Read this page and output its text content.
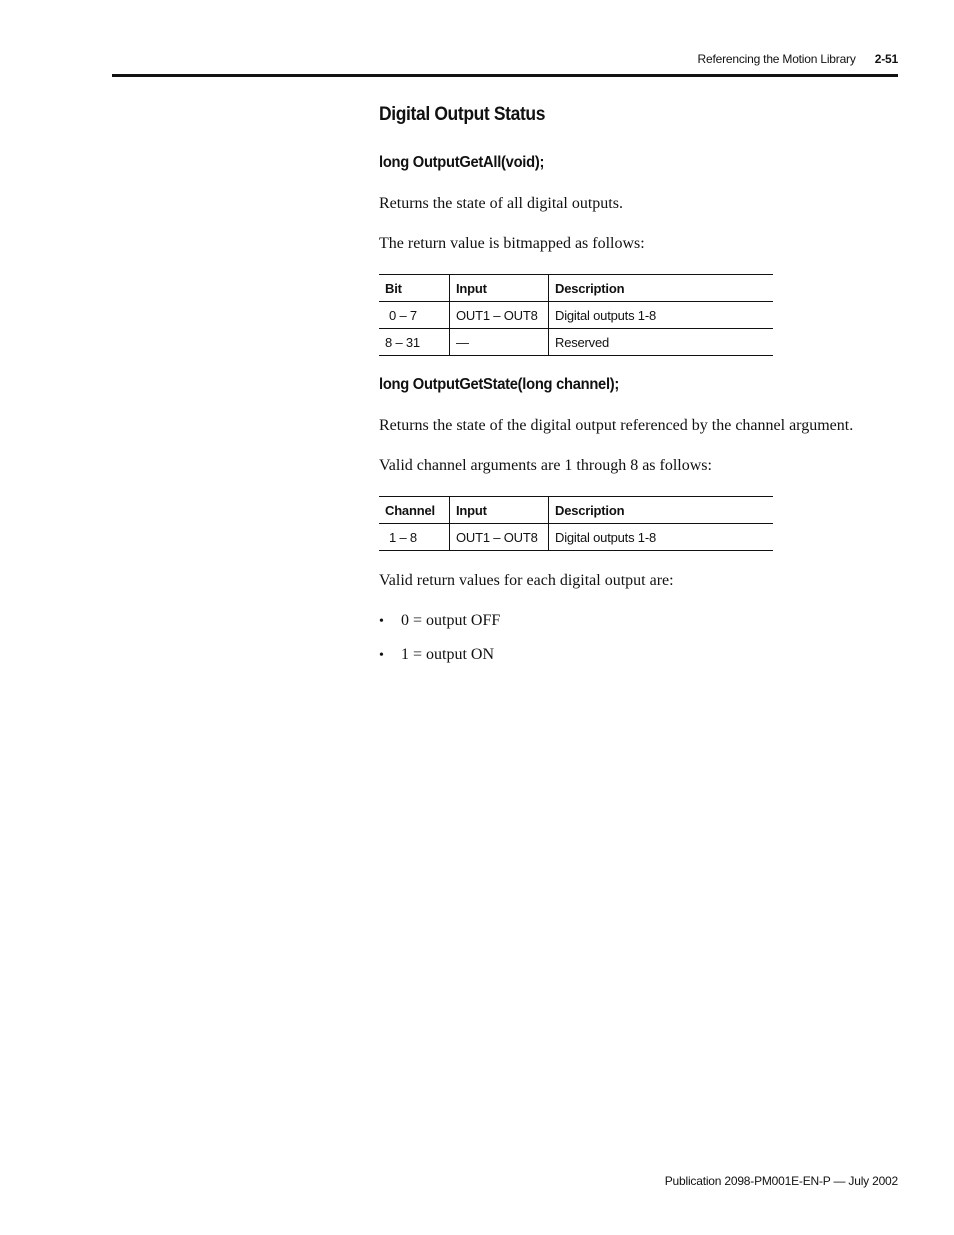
Referencing the Motion Library 2-51
Digital Output Status
long OutputGetAll(void);

Returns the state of all digital outputs.

The return value is bitmapped as follows:

Bit	Input	Description
0 – 7	OUT1 – OUT8	Digital outputs 1-8
8 – 31	—	Reserved
long OutputGetState(long channel);

Returns the state of the digital output referenced by the channel argument.

Valid channel arguments are 1 through 8 as follows:

Channel	Input	Description
1 – 8	OUT1 – OUT8	Digital outputs 1-8

Valid return values for each digital output are:

• 0 = output OFF
• 1 = output ON
Publication 2098-PM001E-EN-P — July 2002
